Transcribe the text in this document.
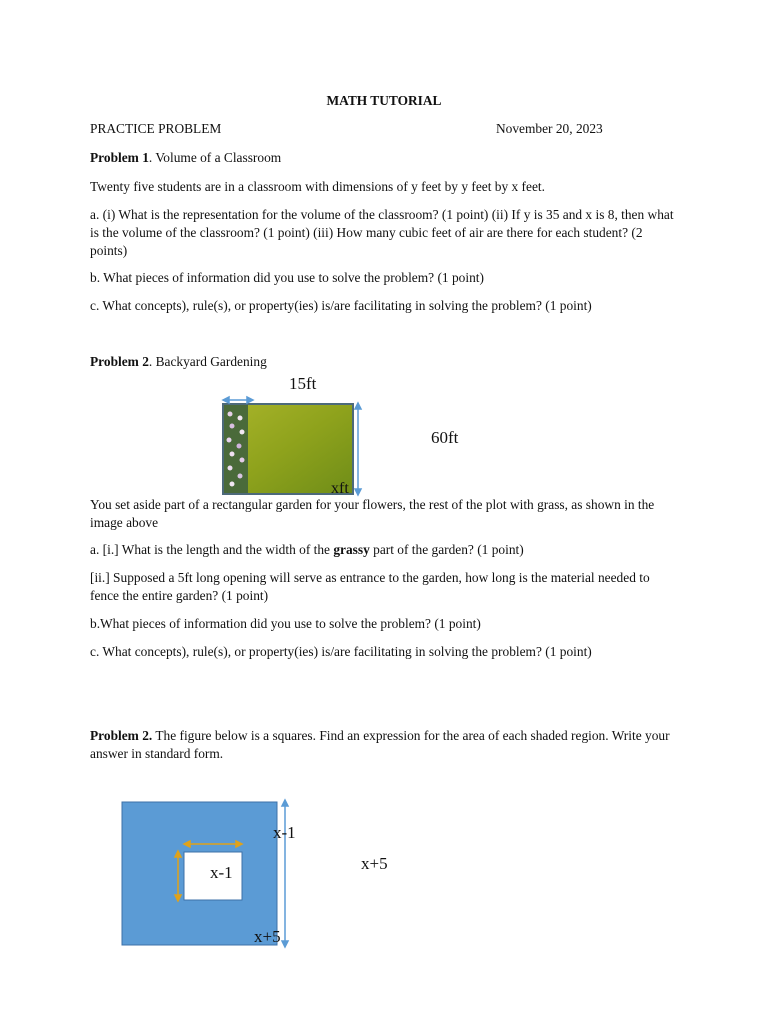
MATH TUTORIAL
PRACTICE PROBLEM	November 20, 2023
Problem 1. Volume of a Classroom
Twenty five students are in a classroom with dimensions of y feet by y feet by x feet.
a. (i) What is the representation for the volume of the classroom? (1 point) (ii) If y is 35 and x is 8, then what is the volume of the classroom? (1 point) (iii) How many cubic feet of air are there for each student? (2 points)
b. What pieces of information did you use to solve the problem? (1 point)
c. What concepts), rule(s), or property(ies) is/are facilitating in solving the problem? (1 point)
Problem 2. Backyard Gardening
15ft
60ft
xft
You set aside part of a rectangular garden for your flowers, the rest of the plot with grass, as shown in the image above
a. [i.] What is the length and the width of the grassy part of the garden? (1 point)
[ii.] Supposed a 5ft long opening will serve as entrance to the garden, how long is the material needed to fence the entire garden? (1 point)
b.What pieces of information did you use to solve the problem? (1 point)
c. What concepts), rule(s), or property(ies) is/are facilitating in solving the problem? (1 point)
Problem 2. The figure below is a squares. Find an expression for the area of each shaded region. Write your answer in standard form.
x-1
x-1	x+5
x+5
